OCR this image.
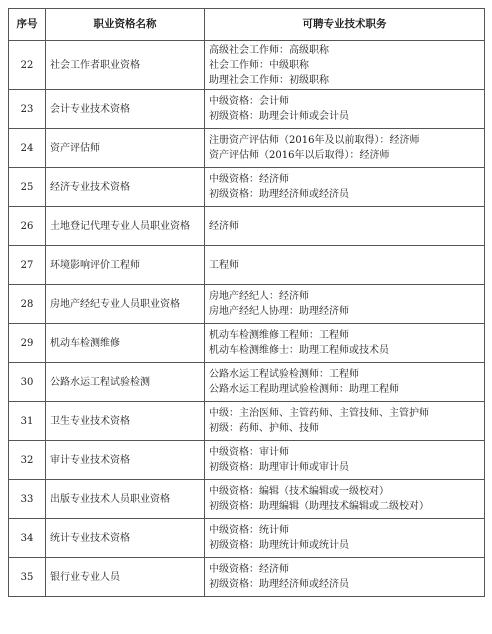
序号	职业资格名称	可聘专业技术职务
22	社会工作者职业资格	高级社会工作师：高级职称
社会工作师：中级职称
助理社会工作师：初级职称

23	会计专业技术资格	中级资格：会计师
初级资格：助理会计师或会计员

24	资产评估师	注册资产评估师（2016年及以前取得）：经济师
资产评估师（2016年以后取得）：经济师

25	经济专业技术资格	中级资格：经济师
初级资格：助理经济师或经济员

26	土地登记代理专业人员职业资格	经济师

27	环境影响评价工程师	工程师

28	房地产经纪专业人员职业资格	房地产经纪人：经济师
房地产经纪人协理：助理经济师

29	机动车检测维修	机动车检测维修工程师：工程师
机动车检测维修士：助理工程师或技术员

30	公路水运工程试验检测	公路水运工程试验检测师：工程师
公路水运工程助理试验检测师：助理工程师

31	卫生专业技术资格	中级：主治医师、主管药师、主管技师、主管护师
初级：药师、护师、技师

32	审计专业技术资格	中级资格：审计师
初级资格：助理审计师或审计员

33	出版专业技术人员职业资格	中级资格：编辑（技术编辑或一级校对）
初级资格：助理编辑（助理技术编辑或二级校对）

34	统计专业技术资格	中级资格：统计师
初级资格：助理统计师或统计员

35	银行业专业人员	中级资格：经济师
初级资格：助理经济师或经济员
